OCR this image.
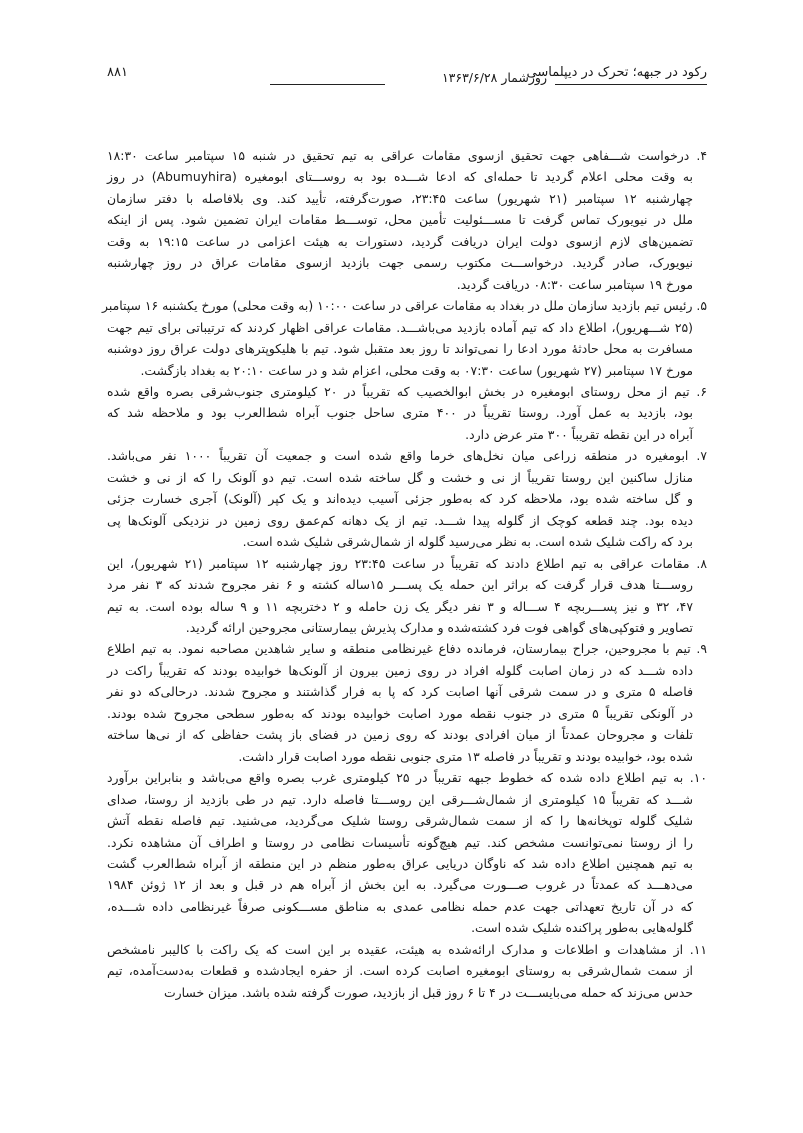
رکود در جبهه؛ تحرک در دیپلماسی
روزشمار ۱۳۶۳/۶/۲۸
۸۸۱
۴. درخواست شـــفاهی جهت تحقیق ازسوی مقامات عراقی به تیم تحقیق در شنبه ۱۵ سپتامبر ساعت ۱۸:۳۰
به وقت محلی اعلام گردید تا حمله‌ای که ادعا شـــده بود به روســـتای ابومغیره (Abumuyhira) در روز
چهارشنبه ۱۲ سپتامبر (۲۱ شهریور) ساعت ۲۳:۴۵، صورت‌گرفته، تأیید کند. وی بلافاصله با دفتر سازمان
ملل در نیویورک تماس گرفت تا مســـئولیت تأمین محل، توســـط مقامات ایران تضمین شود. پس از اینکه
تضمین‌های لازم ازسوی دولت ایران دریافت گردید، دستورات به هیئت اعزامی در ساعت ۱۹:۱۵ به وقت
نیویورک، صادر گردید. درخواســـت مکتوب رسمی جهت بازدید ازسوی مقامات عراق در روز چهارشنبه
مورخ ۱۹ سپتامبر ساعت ۰۸:۳۰ دریافت گردید.
۵. رئیس تیم بازدید سازمان ملل در بغداد به مقامات عراقی در ساعت ۱۰:۰۰ (به وقت محلی) مورخ یکشنبه ۱۶ سپتامبر
(۲۵ شـــهریور)، اطلاع داد که تیم آماده بازدید می‌باشـــد. مقامات عراقی اظهار کردند که ترتیباتی برای تیم جهت
مسافرت به محل حادثهٔ مورد ادعا را نمی‌تواند تا روز بعد متقبل شود. تیم با هلیکوپترهای دولت عراق روز دوشنبه
مورخ ۱۷ سپتامبر (۲۷ شهریور) ساعت ۰۷:۳۰ به وقت محلی، اعزام شد و در ساعت ۲۰:۱۰ به بغداد بازگشت.
۶. تیم از محل روستای ابومغیره در بخش ابوالخصیب که تقریباً در ۲۰ کیلومتری جنوب‌شرقی بصره واقع شده
بود، بازدید به عمل آورد. روستا تقریباً در ۴۰۰ متری ساحل جنوب آبراه شط‌العرب بود و ملاحظه شد که
آبراه در این نقطه تقریباً ۳۰۰ متر عرض دارد.
۷. ابومغیره در منطقه زراعی میان نخل‌های خرما واقع شده است و جمعیت آن تقریباً ۱۰۰۰ نفر می‌باشد.
منازل ساکنین این روستا تقریباً از نی و خشت و گل ساخته شده است. تیم دو آلونک را که از نی و خشت
و گل ساخته شده بود، ملاحظه کرد که به‌طور جزئی آسیب دیده‌اند و یک کپر (آلونک) آجری خسارت جزئی
دیده بود. چند قطعه کوچک از گلوله پیدا شـــد. تیم از یک دهانه کم‌عمق روی زمین در نزدیکی آلونک‌ها پی
برد که راکت شلیک شده است. به نظر می‌رسید گلوله از شمال‌شرقی شلیک شده است.
۸. مقامات عراقی به تیم اطلاع دادند که تقریباً در ساعت ۲۳:۴۵ روز چهارشنبه ۱۲ سپتامبر (۲۱ شهریور)، این
روســـتا هدف قرار گرفت که براثر این حمله یک پســـر ۱۵ساله کشته و ۶ نفر مجروح شدند که ۳ نفر مرد
۴۷، ۳۲ و نیز پســـربچه ۴ ســـاله و ۳ نفر دیگر یک زن حامله و ۲ دختربچه ۱۱ و ۹ ساله بوده است. به تیم
تصاویر و فتوکپی‌های گواهی فوت فرد کشته‌شده و مدارک پذیرش بیمارستانی مجروحین ارائه گردید.
۹. تیم با مجروحین، جراح بیمارستان، فرمانده دفاع غیرنظامی منطقه و سایر شاهدین مصاحبه نمود. به تیم اطلاع
داده شـــد که در زمان اصابت گلوله افراد در روی زمین بیرون از آلونک‌ها خوابیده بودند که تقریباً راکت در
فاصله ۵ متری و در سمت شرقی آنها اصابت کرد که پا به فرار گذاشتند و مجروح شدند. درحالی‌که دو نفر
در آلونکی تقریباً ۵ متری در جنوب نقطه مورد اصابت خوابیده بودند که به‌طور سطحی مجروح شده بودند.
تلفات و مجروحان عمدتاً از میان افرادی بودند که روی زمین در فضای باز پشت حفاظی که از نی‌ها ساخته
شده بود، خوابیده بودند و تقریباً در فاصله ۱۳ متری جنوبی نقطه مورد اصابت قرار داشت.
۱۰. به تیم اطلاع داده شده که خطوط جبهه تقریباً در ۲۵ کیلومتری غرب بصره واقع می‌باشد و بنابراین برآورد
شـــد که تقریباً ۱۵ کیلومتری از شمال‌شـــرقی این روســـتا فاصله دارد. تیم در طی بازدید از روستا، صدای
شلیک گلوله توپخانه‌ها را که از سمت شمال‌شرقی روستا شلیک می‌گردید، می‌شنید. تیم فاصله نقطه آتش
را از روستا نمی‌توانست مشخص کند. تیم هیچ‌گونه تأسیسات نظامی در روستا و اطراف آن مشاهده نکرد.
به تیم همچنین اطلاع داده شد که ناوگان دریایی عراق به‌طور منظم در این منطقه از آبراه شط‌العرب گشت
می‌دهـــد که عمدتاً در غروب صـــورت می‌گیرد. به این بخش از آبراه هم در قبل و بعد از ۱۲ ژوئن ۱۹۸۴
که در آن تاریخ تعهداتی جهت عدم حمله نظامی عمدی به مناطق مســـکونی صرفاً غیرنظامی داده شـــده،
گلوله‌هایی به‌طور پراکنده شلیک شده است.
۱۱. از مشاهدات و اطلاعات و مدارک ارائه‌شده به هیئت، عقیده بر این است که یک راکت با کالیبر نامشخص
از سمت شمال‌شرقی به روستای ابومغیره اصابت کرده است. از حفره ایجادشده و قطعات به‌دست‌آمده، تیم
حدس می‌زند که حمله می‌بایســـت در ۴ تا ۶ روز قبل از بازدید، صورت گرفته شده باشد. میزان خسارت
